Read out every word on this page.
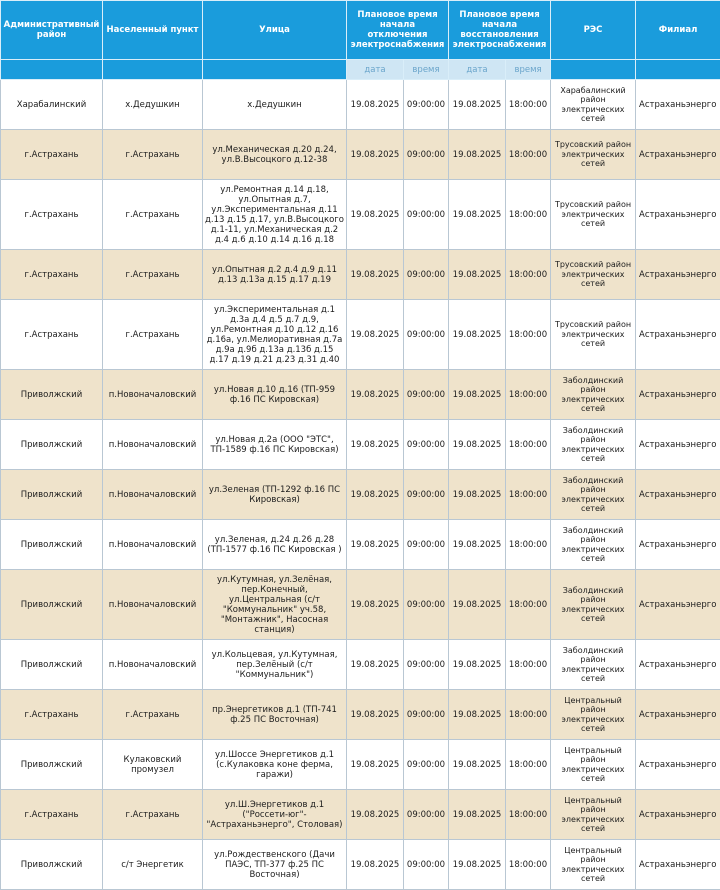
Административный район	Населенный пункт	Улица	Плановое время начала отключения электроснабжения		Плановое время начала восстановления электроснабжения		РЭС	Филиал
			дата	время	дата	время		
Харабалинский	х.Дедушкин	х.Дедушкин	19.08.2025	09:00:00	19.08.2025	18:00:00	Харабалинский район электрических сетей	Астраханьэнерго
г.Астрахань	г.Астрахань	ул.Механическая д.20 д.24, ул.В.Высоцкого д.12-38	19.08.2025	09:00:00	19.08.2025	18:00:00	Трусовский район электрических сетей	Астраханьэнерго
г.Астрахань	г.Астрахань	ул.Ремонтная д.14 д.18, ул.Опытная д.7, ул.Экспериментальная д.11 д.13 д.15 д.17, ул.В.Высоцкого д.1-11, ул.Механическая д.2 д.4 д.6 д.10 д.14 д.16 д.18	19.08.2025	09:00:00	19.08.2025	18:00:00	Трусовский район электрических сетей	Астраханьэнерго
г.Астрахань	г.Астрахань	ул.Опытная д.2 д.4 д.9 д.11 д.13 д.13а д.15 д.17 д.19	19.08.2025	09:00:00	19.08.2025	18:00:00	Трусовский район электрических сетей	Астраханьэнерго
г.Астрахань	г.Астрахань	ул.Экспериментальная д.1 д.3а д.4 д.5 д.7 д.9, ул.Ремонтная д.10 д.12 д.16 д.16а, ул.Мелиоративная д.7а д.9а д.9б д.13а д.13б д.15 д.17 д.19 д.21 д.23 д.31 д.40	19.08.2025	09:00:00	19.08.2025	18:00:00	Трусовский район электрических сетей	Астраханьэнерго
Приволжский	п.Новоначаловский	ул.Новая д.10 д.16 (ТП-959 ф.16 ПС Кировская)	19.08.2025	09:00:00	19.08.2025	18:00:00	Заболдинский район электрических сетей	Астраханьэнерго
Приволжский	п.Новоначаловский	ул.Новая д.2а (ООО "ЭТС", ТП-1589 ф.16 ПС Кировская)	19.08.2025	09:00:00	19.08.2025	18:00:00	Заболдинский район электрических сетей	Астраханьэнерго
Приволжский	п.Новоначаловский	ул.Зеленая (ТП-1292 ф.16 ПС Кировская)	19.08.2025	09:00:00	19.08.2025	18:00:00	Заболдинский район электрических сетей	Астраханьэнерго
Приволжский	п.Новоначаловский	ул.Зеленая, д.24 д.26 д.28 (ТП-1577 ф.16 ПС Кировская )	19.08.2025	09:00:00	19.08.2025	18:00:00	Заболдинский район электрических сетей	Астраханьэнерго
Приволжский	п.Новоначаловский	ул.Кутумная, ул.Зелёная, пер.Конечный, ул.Центральная (с/т "Коммунальник" уч.58, "Монтажник", Насосная станция)	19.08.2025	09:00:00	19.08.2025	18:00:00	Заболдинский район электрических сетей	Астраханьэнерго
Приволжский	п.Новоначаловский	ул.Кольцевая, ул.Кутумная, пер.Зелёный (с/т "Коммунальник")	19.08.2025	09:00:00	19.08.2025	18:00:00	Заболдинский район электрических сетей	Астраханьэнерго
г.Астрахань	г.Астрахань	пр.Энергетиков д.1 (ТП-741 ф.25 ПС Восточная)	19.08.2025	09:00:00	19.08.2025	18:00:00	Центральный район электрических сетей	Астраханьэнерго
Приволжский	Кулаковский промузел	ул.Шоссе Энергетиков д.1 (с.Кулаковка коне ферма, гаражи)	19.08.2025	09:00:00	19.08.2025	18:00:00	Центральный район электрических сетей	Астраханьэнерго
г.Астрахань	г.Астрахань	ул.Ш.Энергетиков д.1 ("Россети-юг"- "Астраханьэнерго", Столовая)	19.08.2025	09:00:00	19.08.2025	18:00:00	Центральный район электрических сетей	Астраханьэнерго
Приволжский	с/т Энергетик	ул.Рождественского (Дачи ПАЭС, ТП-377 ф.25 ПС Восточная)	19.08.2025	09:00:00	19.08.2025	18:00:00	Центральный район электрических сетей	Астраханьэнерго
